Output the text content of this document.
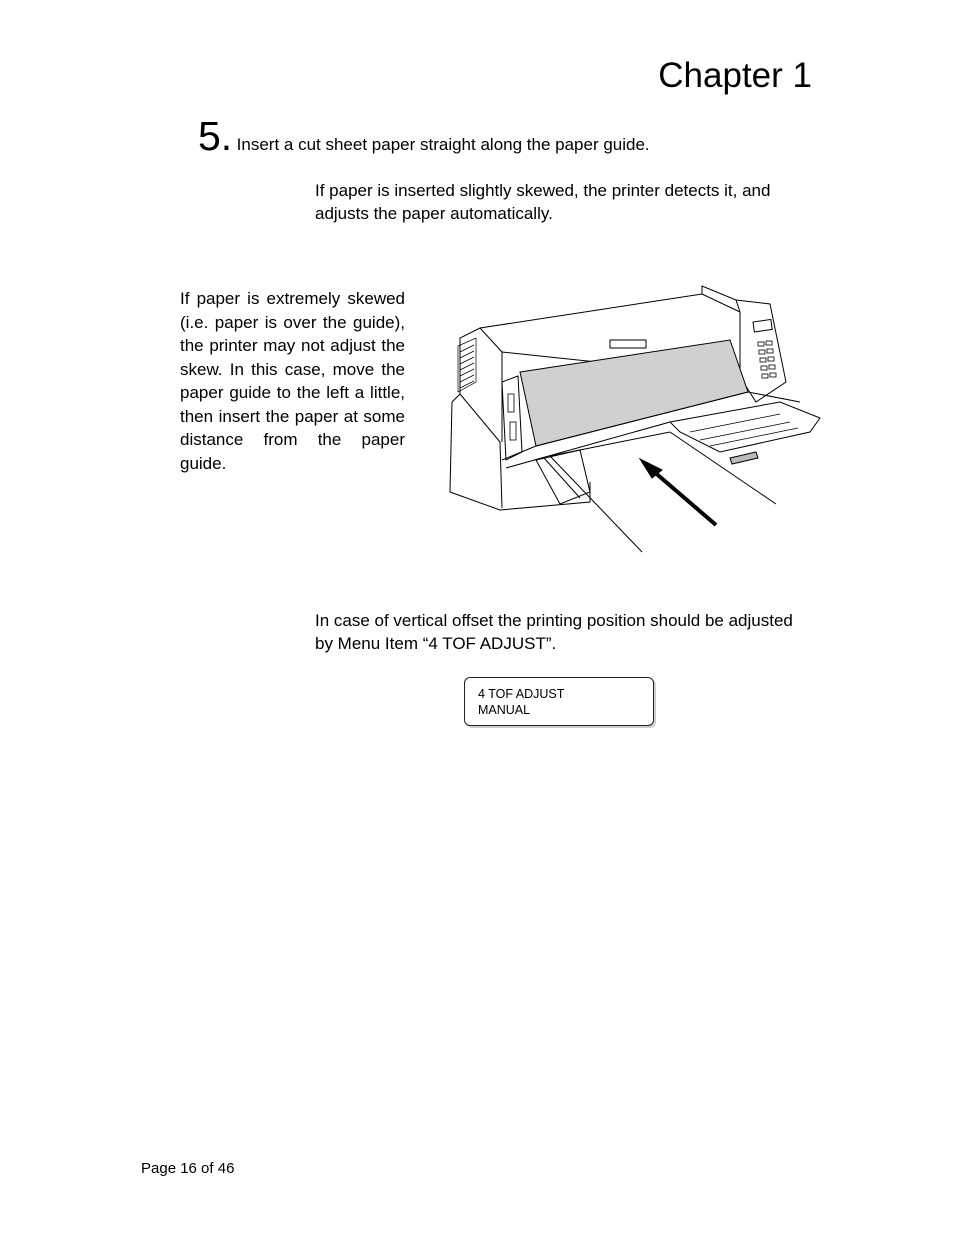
Chapter 1
5. Insert a cut sheet paper straight along the paper guide.
If paper is inserted slightly skewed, the printer detects it, and adjusts the paper automatically.
If paper is extremely skewed (i.e. paper is over the guide), the printer may not adjust the skew. In this case, move the paper guide to the left a little, then insert the paper at some distance from the paper guide.
In case of vertical offset the printing position should be adjusted by Menu Item “4 TOF ADJUST”.
4 TOF ADJUST
MANUAL
Page 16 of 46
